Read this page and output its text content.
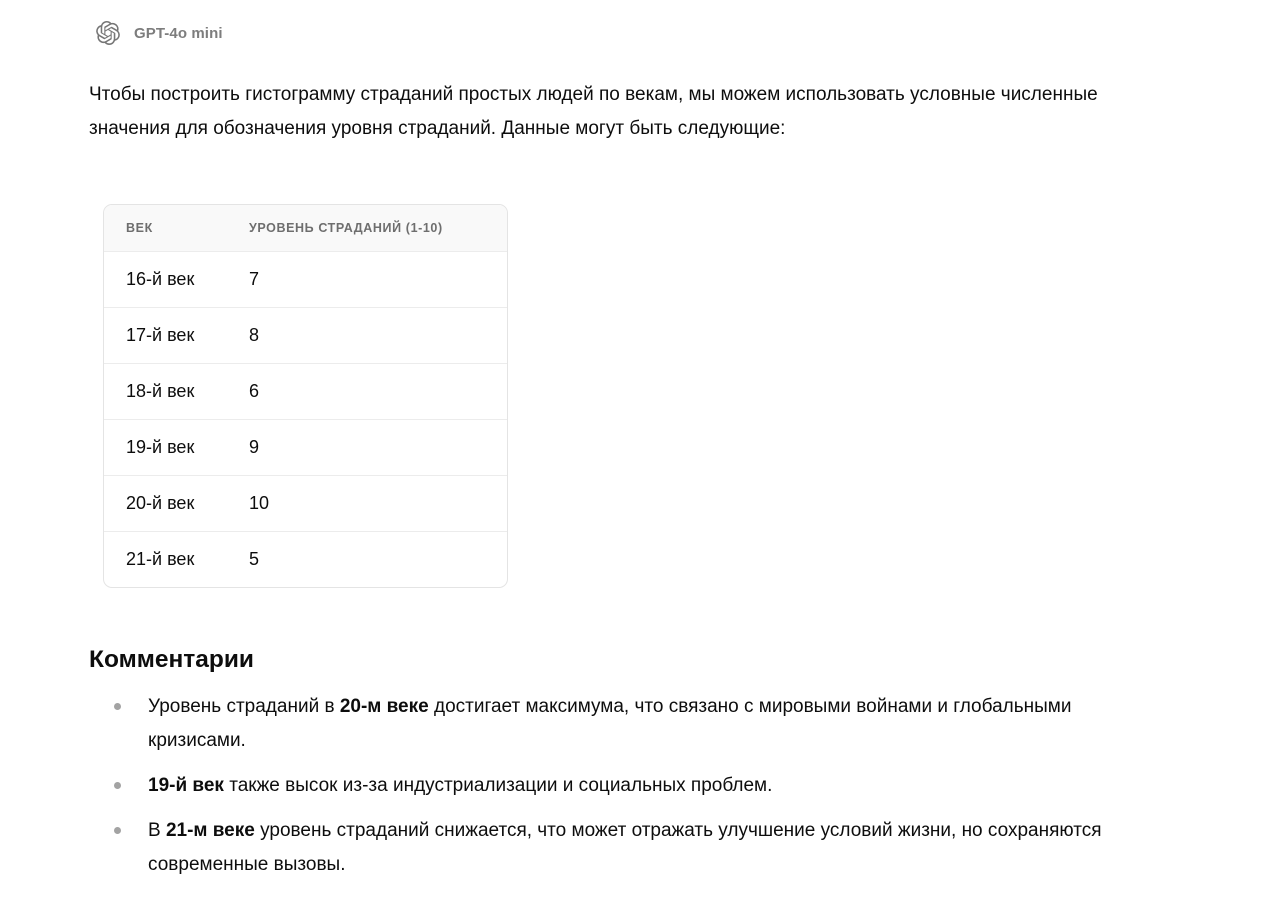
GPT-4o mini

Чтобы построить гистограмму страданий простых людей по векам, мы можем использовать условные численные значения для обозначения уровня страданий. Данные могут быть следующие:

ВЕК	УРОВЕНЬ СТРАДАНИЙ (1-10)
16-й век	7
17-й век	8
18-й век	6
19-й век	9
20-й век	10
21-й век	5
Комментарии
Уровень страданий в 20-м веке достигает максимума, что связано с мировыми войнами и глобальными кризисами.
19-й век также высок из-за индустриализации и социальных проблем.
В 21-м веке уровень страданий снижается, что может отражать улучшение условий жизни, но сохраняются современные вызовы.
